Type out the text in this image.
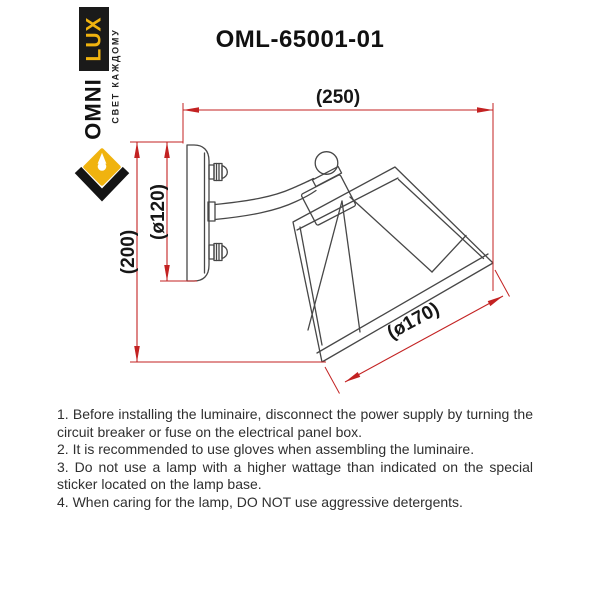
LUX
OMNI СВЕТ КАЖДОМУ	OML-65001-01
(250)
(200)
(ø120)
(ø170)

1. Before installing the luminaire, disconnect the power supply by turning the circuit breaker or fuse on the electrical panel box.

2. It is recommended to use gloves when assembling the luminaire.

3. Do not use a lamp with a higher wattage than indicated on the special sticker located on the lamp base.

4. When caring for the lamp, DO NOT use aggressive detergents.
